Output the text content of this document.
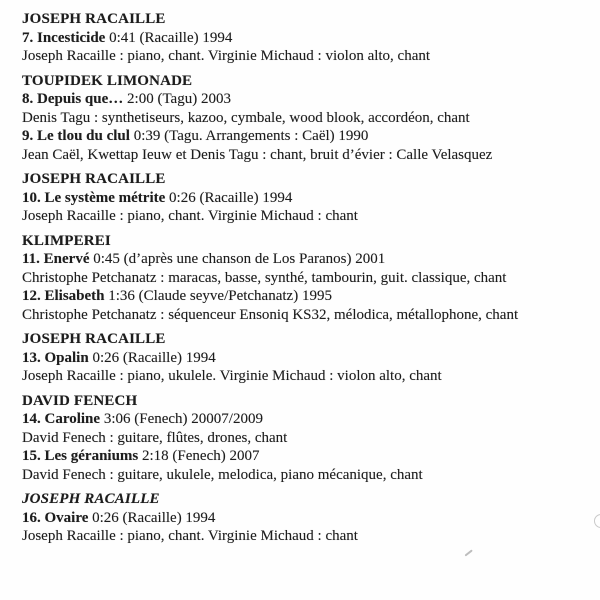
JOSEPH RACAILLE
7. Incesticide 0:41 (Racaille) 1994
Joseph Racaille : piano, chant. Virginie Michaud : violon alto, chant
TOUPIDEK LIMONADE
8. Depuis que… 2:00 (Tagu) 2003
Denis Tagu : synthetiseurs, kazoo, cymbale, wood blook, accordéon, chant
9. Le tlou du clul 0:39 (Tagu. Arrangements : Caël) 1990
Jean Caël, Kwettap Ieuw et Denis Tagu : chant, bruit d’évier : Calle Velasquez
JOSEPH RACAILLE
10. Le système métrite 0:26 (Racaille) 1994
Joseph Racaille : piano, chant. Virginie Michaud : chant
KLIMPEREI
11. Enervé 0:45 (d’après une chanson de Los Paranos) 2001
Christophe Petchanatz : maracas, basse, synthé, tambourin, guit. classique, chant
12. Elisabeth 1:36 (Claude seyve/Petchanatz) 1995
Christophe Petchanatz : séquenceur Ensoniq KS32, mélodica, métallophone, chant
JOSEPH RACAILLE
13. Opalin 0:26 (Racaille) 1994
Joseph Racaille : piano, ukulele. Virginie Michaud : violon alto, chant
DAVID FENECH
14. Caroline 3:06 (Fenech) 20007/2009
David Fenech : guitare, flûtes, drones, chant
15. Les géraniums 2:18 (Fenech) 2007
David Fenech : guitare, ukulele, melodica, piano mécanique, chant
JOSEPH RACAILLE
16. Ovaire 0:26 (Racaille) 1994
Joseph Racaille : piano, chant. Virginie Michaud : chant
